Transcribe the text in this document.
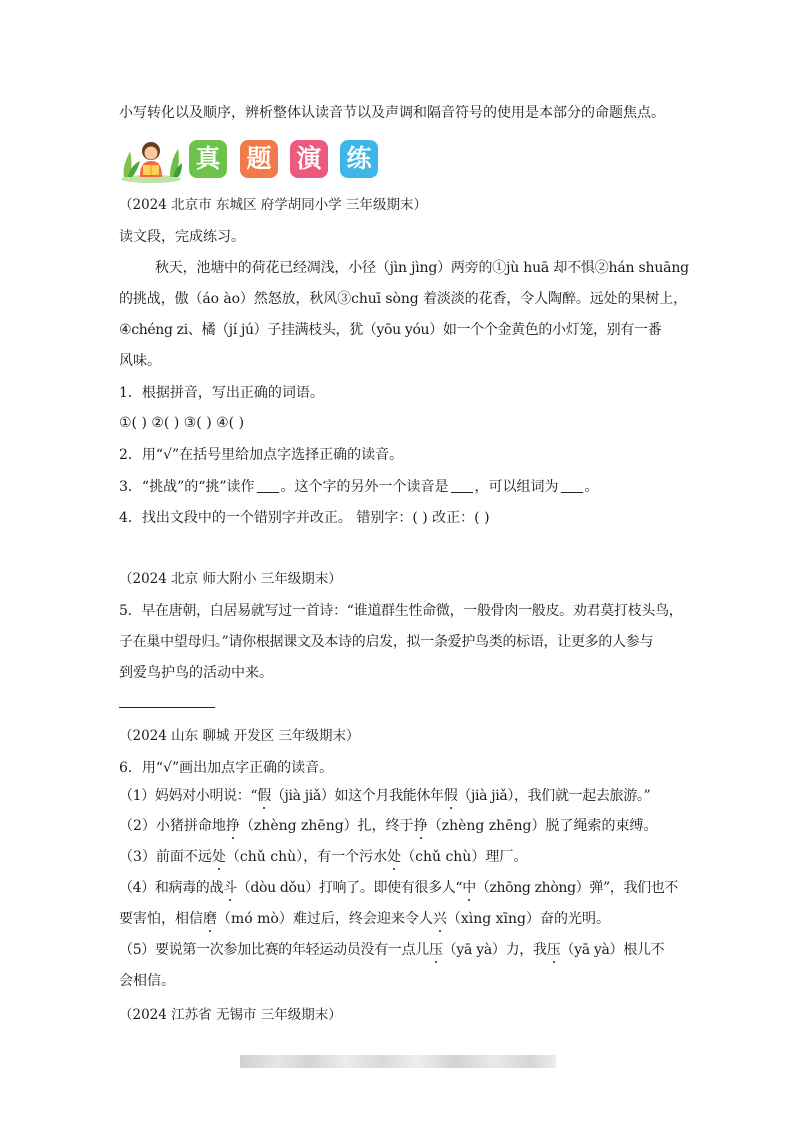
小写转化以及顺序，辨析整体认读音节以及声调和隔音符号的使用是本部分的命题焦点。
真 题 演 练
（2024 北京市 东城区 府学胡同小学 三年级期末）
读文段，完成练习。
秋天，池塘中的荷花已经凋浅，小径（jìn jìng）两旁的①jù huā 却不惧②hán shuāng
的挑战，傲（áo ào）然怒放，秋风③chuī sòng 着淡淡的花香，令人陶醉。远处的果树上，
④chéng zi、橘（jí jú）子挂满枝头，犹（yōu yóu）如一个个金黄色的小灯笼，别有一番
风味。
1．根据拼音，写出正确的词语。
①( ) ②( ) ③( ) ④( )
2．用“√”在括号里给加点字选择正确的读音。
3．“挑战”的“挑”读作 。这个字的另外一个读音是 ，可以组词为 。
4．找出文段中的一个错别字并改正。 错别字：( ) 改正：( )
（2024 北京 师大附小 三年级期末）
5．早在唐朝，白居易就写过一首诗：“谁道群生性命微，一般骨肉一般皮。劝君莫打枝头鸟，
子在巢中望母归。”请你根据课文及本诗的启发，拟一条爱护鸟类的标语，让更多的人参与
到爱鸟护鸟的活动中来。
（2024 山东 聊城 开发区 三年级期末）
6．用“√”画出加点字正确的读音。
（1）妈妈对小明说：“假（jià jiǎ）如这个月我能休年假（jià jiǎ），我们就一起去旅游。”
（2）小猪拼命地挣（zhèng zhēng）扎，终于挣（zhèng zhēng）脱了绳索的束缚。
（3）前面不远处（chǔ chù），有一个污水处（chǔ chù）理厂。
（4）和病毒的战斗（dòu dǒu）打响了。即使有很多人“中（zhōng zhòng）弹”，我们也不
要害怕，相信磨（mó mò）难过后，终会迎来令人兴（xìng xīng）奋的光明。
（5）要说第一次参加比赛的年轻运动员没有一点儿压（yā yà）力，我压（yā yà）根儿不
会相信。
（2024 江苏省 无锡市 三年级期末）
